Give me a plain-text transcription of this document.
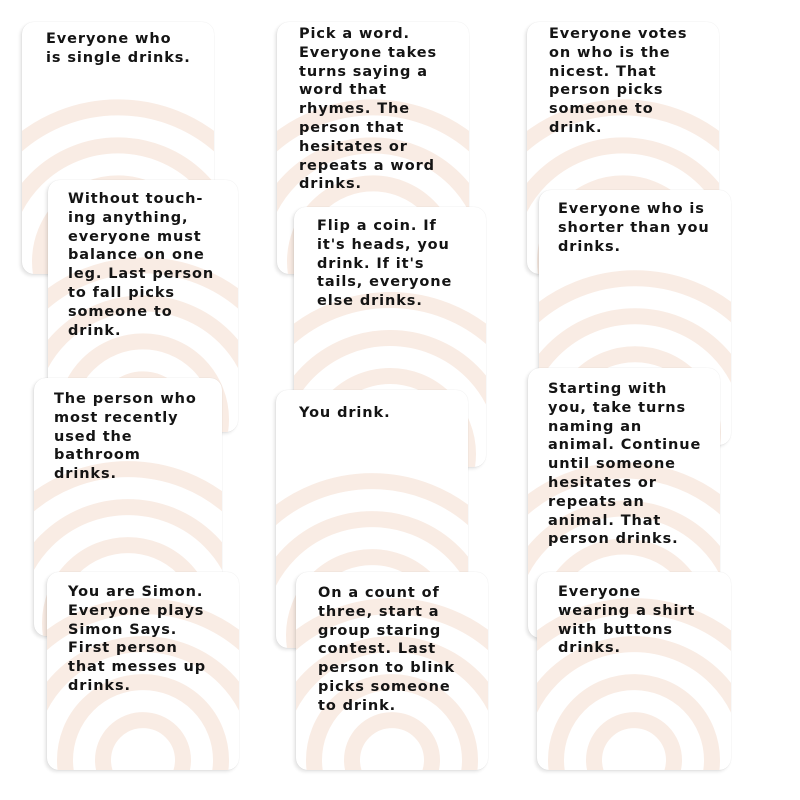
Everyone who
is single drinks.

Pick a word.
Everyone takes
turns saying a
word that
rhymes. The
person that
hesitates or
repeats a word
drinks.

Everyone votes
on who is the
nicest. That
person picks
someone to
drink.

Without touch-
ing anything,
everyone must
balance on one
leg. Last person
to fall picks
someone to
drink.

Flip a coin. If
it's heads, you
drink. If it's
tails, everyone
else drinks.

Everyone who is
shorter than you
drinks.

The person who
most recently
used the
bathroom
drinks.

You drink.

Starting with
you, take turns
naming an
animal. Continue
until someone
hesitates or
repeats an
animal. That
person drinks.

You are Simon.
Everyone plays
Simon Says.
First person
that messes up
drinks.

On a count of
three, start a
group staring
contest. Last
person to blink
picks someone
to drink.

Everyone
wearing a shirt
with buttons
drinks.
